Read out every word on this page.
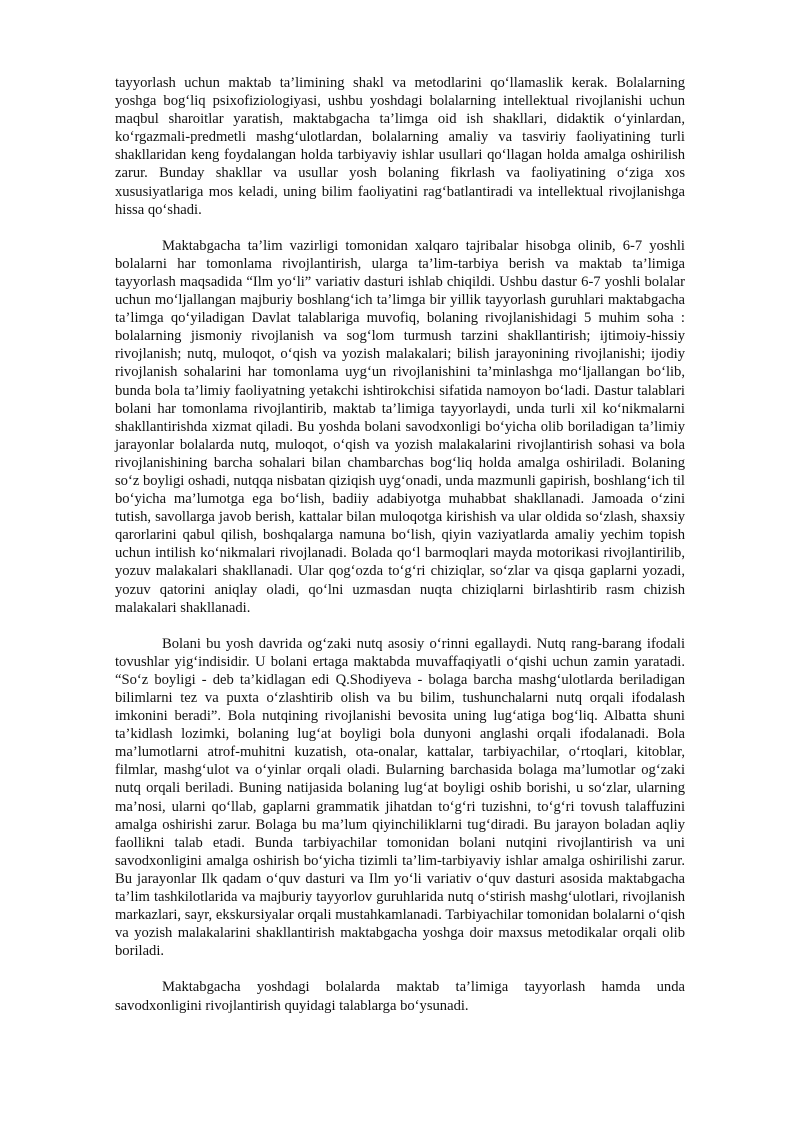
tayyorlash uchun maktab ta’limining shakl va metodlarini qo‘llamaslik kerak. Bolalarning yoshga bog‘liq psixofiziologiyasi, ushbu yoshdagi bolalarning intellektual rivojlanishi uchun maqbul sharoitlar yaratish, maktabgacha ta’limga oid ish shakllari, didaktik o‘yinlardan, ko‘rgazmali-predmetli mashg‘ulotlardan, bolalarning amaliy va tasviriy faoliyatining turli shakllaridan keng foydalangan holda tarbiyaviy ishlar usullari qo‘llagan holda amalga oshirilish zarur. Bunday shakllar va usullar yosh bolaning fikrlash va faoliyatining o‘ziga xos xususiyatlariga mos keladi, uning bilim faoliyatini rag‘batlantiradi va intellektual rivojlanishga hissa qo‘shadi.

Maktabgacha ta’lim vazirligi tomonidan xalqaro tajribalar hisobga olinib, 6-7 yoshli bolalarni har tomonlama rivojlantirish, ularga ta’lim-tarbiya berish va maktab ta’limiga tayyorlash maqsadida “Ilm yo‘li” variativ dasturi ishlab chiqildi. Ushbu dastur 6-7 yoshli bolalar uchun mo‘ljallangan majburiy boshlang‘ich ta’limga bir yillik tayyorlash guruhlari maktabgacha ta’limga qo‘yiladigan Davlat talablariga muvofiq, bolaning rivojlanishidagi 5 muhim soha : bolalarning jismoniy rivojlanish va sog‘lom turmush tarzini shakllantirish; ijtimoiy-hissiy rivojlanish; nutq, muloqot, o‘qish va yozish malakalari; bilish jarayonining rivojlanishi; ijodiy rivojlanish sohalarini har tomonlama uyg‘un rivojlanishini ta’minlashga mo‘ljallangan bo‘lib, bunda bola ta’limiy faoliyatning yetakchi ishtirokchisi sifatida namoyon bo‘ladi. Dastur talablari bolani har tomonlama rivojlantirib, maktab ta’limiga tayyorlaydi, unda turli xil ko‘nikmalarni shakllantirishda xizmat qiladi. Bu yoshda bolani savodxonligi bo‘yicha olib boriladigan ta’limiy jarayonlar bolalarda nutq, muloqot, o‘qish va yozish malakalarini rivojlantirish sohasi va bola rivojlanishining barcha sohalari bilan chambarchas bog‘liq holda amalga oshiriladi. Bolaning so‘z boyligi oshadi, nutqqa nisbatan qiziqish uyg‘onadi, unda mazmunli gapirish, boshlang‘ich til bo‘yicha ma’lumotga ega bo‘lish, badiiy adabiyotga muhabbat shakllanadi. Jamoada o‘zini tutish, savollarga javob berish, kattalar bilan muloqotga kirishish va ular oldida so‘zlash, shaxsiy qarorlarini qabul qilish, boshqalarga namuna bo‘lish, qiyin vaziyatlarda amaliy yechim topish uchun intilish ko‘nikmalari rivojlanadi. Bolada qo‘l barmoqlari mayda motorikasi rivojlantirilib, yozuv malakalari shakllanadi. Ular qog‘ozda to‘g‘ri chiziqlar, so‘zlar va qisqa gaplarni yozadi, yozuv qatorini aniqlay oladi, qo‘lni uzmasdan nuqta chiziqlarni birlashtirib rasm chizish malakalari shakllanadi.

Bolani bu yosh davrida og‘zaki nutq asosiy o‘rinni egallaydi. Nutq rang-barang ifodali tovushlar yig‘indisidir. U bolani ertaga maktabda muvaffaqiyatli o‘qishi uchun zamin yaratadi. “So‘z boyligi - deb ta’kidlagan edi Q.Shodiyeva - bolaga barcha mashg‘ulotlarda beriladigan bilimlarni tez va puxta o‘zlashtirib olish va bu bilim, tushunchalarni nutq orqali ifodalash imkonini beradi”. Bola nutqining rivojlanishi bevosita uning lug‘atiga bog‘liq. Albatta shuni ta’kidlash lozimki, bolaning lug‘at boyligi bola dunyoni anglashi orqali ifodalanadi. Bola ma’lumotlarni atrof-muhitni kuzatish, ota-onalar, kattalar, tarbiyachilar, o‘rtoqlari, kitoblar, filmlar, mashg‘ulot va o‘yinlar orqali oladi. Bularning barchasida bolaga ma’lumotlar og‘zaki nutq orqali beriladi. Buning natijasida bolaning lug‘at boyligi oshib borishi, u so‘zlar, ularning ma’nosi, ularni qo‘llab, gaplarni grammatik jihatdan to‘g‘ri tuzishni, to‘g‘ri tovush talaffuzini amalga oshirishi zarur. Bolaga bu ma’lum qiyinchiliklarni tug‘diradi. Bu jarayon boladan aqliy faollikni talab etadi. Bunda tarbiyachilar tomonidan bolani nutqini rivojlantirish va uni savodxonligini amalga oshirish bo‘yicha tizimli ta’lim-tarbiyaviy ishlar amalga oshirilishi zarur. Bu jarayonlar Ilk qadam o‘quv dasturi va Ilm yo‘li variativ o‘quv dasturi asosida maktabgacha ta’lim tashkilotlarida va majburiy tayyorlov guruhlarida nutq o‘stirish mashg‘ulotlari, rivojlanish markazlari, sayr, ekskursiyalar orqali mustahkamlanadi. Tarbiyachilar tomonidan bolalarni o‘qish va yozish malakalarini shakllantirish maktabgacha yoshga doir maxsus metodikalar orqali olib boriladi.

Maktabgacha yoshdagi bolalarda maktab ta’limiga tayyorlash hamda unda savodxonligini rivojlantirish quyidagi talablarga bo‘ysunadi.
